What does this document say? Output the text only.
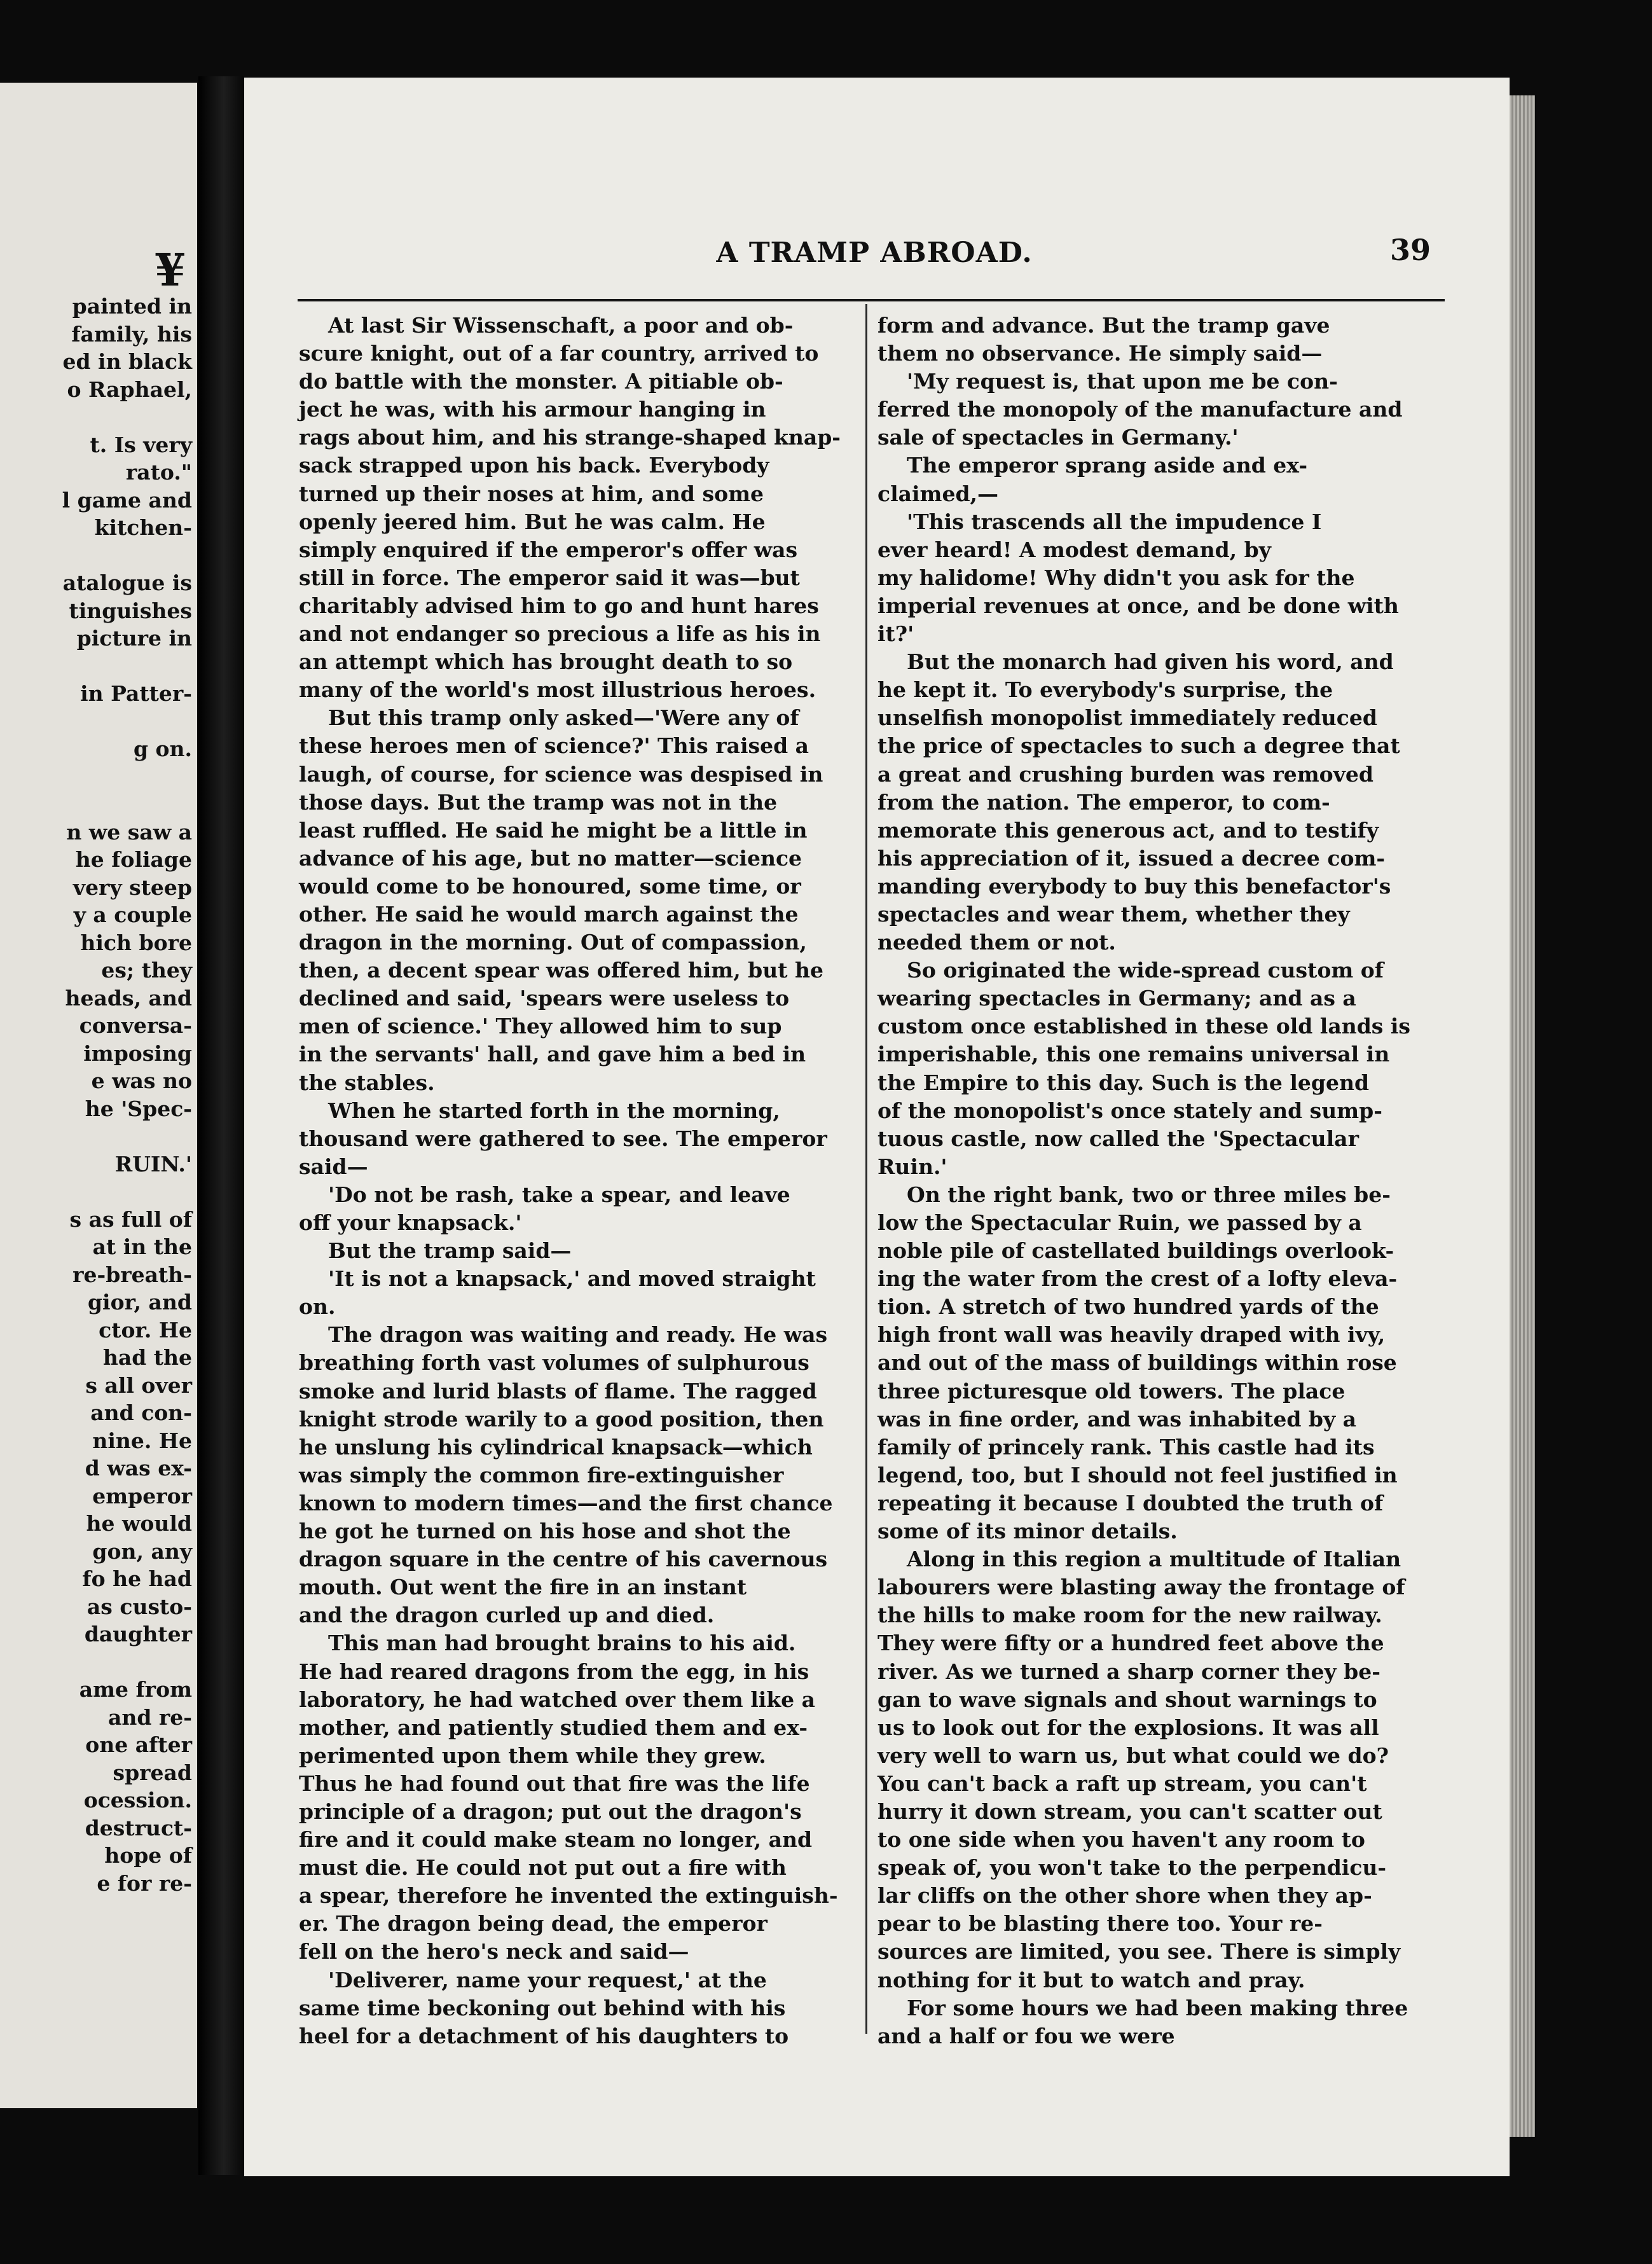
¥
painted in
family, his
ed in black
o Raphael,

t. Is very
rato."
l game and
kitchen-

atalogue is
tinguishes
picture in

in Patter-

g on.

n we saw a
he foliage
very steep
y a couple
hich bore
es; they
heads, and
conversa-
imposing
e was no
he 'Spec-

RUIN.'

s as full of
at in the
re-breath-
gior, and
ctor. He
had the
s all over
and con-
nine. He
d was ex-
emperor
he would
gon, any
fo he had
as custo-
daughter

ame from
and re-
one after
spread
ocession.
destruct-
hope of
e for re-
A TRAMP ABROAD.	39
At last Sir Wissenschaft, a poor and ob-
scure knight, out of a far country, arrived to
do battle with the monster. A pitiable ob-
ject he was, with his armour hanging in
rags about him, and his strange-shaped knap-
sack strapped upon his back. Everybody
turned up their noses at him, and some
openly jeered him. But he was calm. He
simply enquired if the emperor's offer was
still in force. The emperor said it was—but
charitably advised him to go and hunt hares
and not endanger so precious a life as his in
an attempt which has brought death to so
many of the world's most illustrious heroes.
But this tramp only asked—'Were any of
these heroes men of science?' This raised a
laugh, of course, for science was despised in
those days. But the tramp was not in the
least ruffled. He said he might be a little in
advance of his age, but no matter—science
would come to be honoured, some time, or
other. He said he would march against the
dragon in the morning. Out of compassion,
then, a decent spear was offered him, but he
declined and said, 'spears were useless to
men of science.' They allowed him to sup
in the servants' hall, and gave him a bed in
the stables.
When he started forth in the morning,
thousand were gathered to see. The emperor
said—
'Do not be rash, take a spear, and leave
off your knapsack.'
But the tramp said—
'It is not a knapsack,' and moved straight
on.
The dragon was waiting and ready. He was
breathing forth vast volumes of sulphurous
smoke and lurid blasts of flame. The ragged
knight strode warily to a good position, then
he unslung his cylindrical knapsack—which
was simply the common fire-extinguisher
known to modern times—and the first chance
he got he turned on his hose and shot the
dragon square in the centre of his cavernous
mouth. Out went the fire in an instant
and the dragon curled up and died.
This man had brought brains to his aid.
He had reared dragons from the egg, in his
laboratory, he had watched over them like a
mother, and patiently studied them and ex-
perimented upon them while they grew.
Thus he had found out that fire was the life
principle of a dragon; put out the dragon's
fire and it could make steam no longer, and
must die. He could not put out a fire with
a spear, therefore he invented the extinguish-
er. The dragon being dead, the emperor
fell on the hero's neck and said—
'Deliverer, name your request,' at the
same time beckoning out behind with his
heel for a detachment of his daughters to
form and advance. But the tramp gave
them no observance. He simply said—
'My request is, that upon me be con-
ferred the monopoly of the manufacture and
sale of spectacles in Germany.'
The emperor sprang aside and ex-
claimed,—
'This trascends all the impudence I
ever heard! A modest demand, by
my halidome! Why didn't you ask for the
imperial revenues at once, and be done with
it?'
But the monarch had given his word, and
he kept it. To everybody's surprise, the
unselfish monopolist immediately reduced
the price of spectacles to such a degree that
a great and crushing burden was removed
from the nation. The emperor, to com-
memorate this generous act, and to testify
his appreciation of it, issued a decree com-
manding everybody to buy this benefactor's
spectacles and wear them, whether they
needed them or not.
So originated the wide-spread custom of
wearing spectacles in Germany; and as a
custom once established in these old lands is
imperishable, this one remains universal in
the Empire to this day. Such is the legend
of the monopolist's once stately and sump-
tuous castle, now called the 'Spectacular
Ruin.'
On the right bank, two or three miles be-
low the Spectacular Ruin, we passed by a
noble pile of castellated buildings overlook-
ing the water from the crest of a lofty eleva-
tion. A stretch of two hundred yards of the
high front wall was heavily draped with ivy,
and out of the mass of buildings within rose
three picturesque old towers. The place
was in fine order, and was inhabited by a
family of princely rank. This castle had its
legend, too, but I should not feel justified in
repeating it because I doubted the truth of
some of its minor details.
Along in this region a multitude of Italian
labourers were blasting away the frontage of
the hills to make room for the new railway.
They were fifty or a hundred feet above the
river. As we turned a sharp corner they be-
gan to wave signals and shout warnings to
us to look out for the explosions. It was all
very well to warn us, but what could we do?
You can't back a raft up stream, you can't
hurry it down stream, you can't scatter out
to one side when you haven't any room to
speak of, you won't take to the perpendicu-
lar cliffs on the other shore when they ap-
pear to be blasting there too. Your re-
sources are limited, you see. There is simply
nothing for it but to watch and pray.
For some hours we had been making three
and a half or fou we were
